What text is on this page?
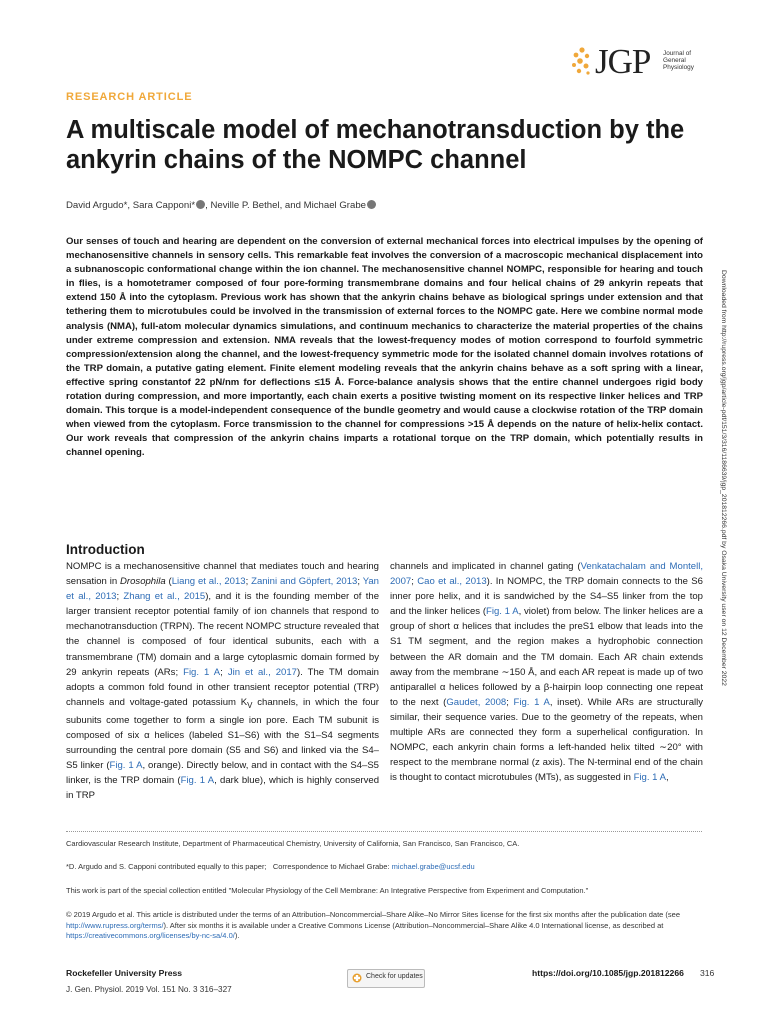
JGP Journal of
General
Physiology
RESEARCH ARTICLE
A multiscale model of mechanotransduction by the ankyrin chains of the NOMPC channel
David Argudo*, Sara Capponi* , Neville P. Bethel, and Michael Grabe

Our senses of touch and hearing are dependent on the conversion of external mechanical forces into electrical impulses by the opening of mechanosensitive channels in sensory cells. This remarkable feat involves the conversion of a macroscopic mechanical displacement into a subnanoscopic conformational change within the ion channel. The mechanosensitive channel NOMPC, responsible for hearing and touch in flies, is a homotetramer composed of four pore-forming transmembrane domains and four helical chains of 29 ankyrin repeats that extend 150 Å into the cytoplasm. Previous work has shown that the ankyrin chains behave as biological springs under extension and that tethering them to microtubules could be involved in the transmission of external forces to the NOMPC gate. Here we combine normal mode analysis (NMA), full-atom molecular dynamics simulations, and continuum mechanics to characterize the material properties of the chains under extreme compression and extension. NMA reveals that the lowest-frequency modes of motion correspond to fourfold symmetric compression/extension along the channel, and the lowest-frequency symmetric mode for the isolated channel domain involves rotations of the TRP domain, a putative gating element. Finite element modeling reveals that the ankyrin chains behave as a soft spring with a linear, effective spring constantof 22 pN/nm for deflections ≤15 Å. Force-balance analysis shows that the entire channel undergoes rigid body rotation during compression, and more importantly, each chain exerts a positive twisting moment on its respective linker helices and TRP domain. This torque is a model-independent consequence of the bundle geometry and would cause a clockwise rotation of the TRP domain when viewed from the cytoplasm. Force transmission to the channel for compressions >15 Å depends on the nature of helix-helix contact. Our work reveals that compression of the ankyrin chains imparts a rotational torque on the TRP domain, which potentially results in channel opening.	Downloaded from http://rupress.org/jgp/article-pdf/151/3/316/1186639/jgp_201812266.pdf by Osaka University user on 12 December 2022
Introduction

NOMPC is a mechanosensitive channel that mediates touch and hearing sensation in Drosophila (Liang et al., 2013; Zanini and Göpfert, 2013; Yan et al., 2013; Zhang et al., 2015), and it is the founding member of the larger transient receptor potential family of ion channels that respond to mechanotransduction (TRPN). The recent NOMPC structure revealed that the channel is composed of four identical subunits, each with a transmembrane (TM) domain and a large cytoplasmic domain formed by 29 ankyrin repeats (ARs; Fig. 1 A; Jin et al., 2017). The TM domain adopts a common fold found in other transient receptor potential (TRP) channels and voltage-gated potassium $K_V$ channels, in which the four subunits come together to form a single ion pore. Each TM subunit is composed of six α helices (labeled S1–S6) with the S1–S4 segments surrounding the central pore domain (S5 and S6) and linked via the S4–S5 linker (Fig. 1 A, orange). Directly below, and in contact with the S4–S5 linker, is the TRP domain (Fig. 1 A, dark blue), which is highly conserved in TRP

channels and implicated in channel gating (Venkatachalam and Montell, 2007; Cao et al., 2013). In NOMPC, the TRP domain connects to the S6 inner pore helix, and it is sandwiched by the S4–S5 linker from the top and the linker helices (Fig. 1 A, violet) from below. The linker helices are a group of short α helices that includes the preS1 elbow that leads into the S1 TM segment, and the region makes a hydrophobic connection between the AR domain and the TM domain. Each AR chain extends away from the membrane ∼150 Å, and each AR repeat is made up of two antiparallel α helices followed by a β-hairpin loop connecting one repeat to the next (Gaudet, 2008; Fig. 1 A, inset). While ARs are structurally similar, their sequence varies. Due to the geometry of the repeats, when multiple ARs are connected they form a superhelical configuration. In NOMPC, each ankyrin chain forms a left-handed helix tilted ∼20° with respect to the membrane normal (z axis). The N-terminal end of the chain is thought to contact microtubules (MTs), as suggested in Fig. 1 A,

Cardiovascular Research Institute, Department of Pharmaceutical Chemistry, University of California, San Francisco, San Francisco, CA.

*D. Argudo and S. Capponi contributed equally to this paper; Correspondence to Michael Grabe: michael.grabe@ucsf.edu

This work is part of the special collection entitled "Molecular Physiology of the Cell Membrane: An Integrative Perspective from Experiment and Computation."

© 2019 Argudo et al. This article is distributed under the terms of an Attribution–Noncommercial–Share Alike–No Mirror Sites license for the first six months after the publication date (see http://www.rupress.org/terms/). After six months it is available under a Creative Commons License (Attribution–Noncommercial–Share Alike 4.0 International license, as described at https://creativecommons.org/licenses/by-nc-sa/4.0/).

Rockefeller University Press
J. Gen. Physiol. 2019 Vol. 151 No. 3 316–327
Check for updates	https://doi.org/10.1085/jgp.201812266 316
